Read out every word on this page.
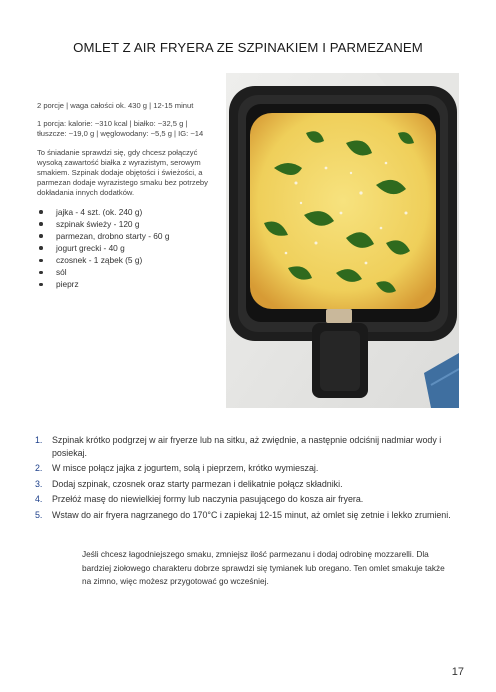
OMLET Z AIR FRYERA ZE SZPINAKIEM I PARMEZANEM

2 porcje | waga całości ok. 430 g | 12-15 minut

1 porcja: kalorie: ~310 kcal | białko: ~32,5 g | tłuszcze: ~19,0 g | węglowodany: ~5,5 g | IG: ~14

To śniadanie sprawdzi się, gdy chcesz połączyć wysoką zawartość białka z wyrazistym, serowym smakiem. Szpinak dodaje objętości i świeżości, a parmezan dodaje wyrazistego smaku bez potrzeby dokładania innych dodatków.

jajka - 4 szt. (ok. 240 g)
szpinak świeży - 120 g
parmezan, drobno starty - 60 g
jogurt grecki - 40 g
czosnek - 1 ząbek (5 g)
sól
pieprz
1. Szpinak krótko podgrzej w air fryerze lub na sitku, aż zwiędnie, a następnie odciśnij nadmiar wody i posiekaj.
2. W misce połącz jajka z jogurtem, solą i pieprzem, krótko wymieszaj.
3. Dodaj szpinak, czosnek oraz starty parmezan i delikatnie połącz składniki.
4. Przełóż masę do niewielkiej formy lub naczynia pasującego do kosza air fryera.
5. Wstaw do air fryera nagrzanego do 170°C i zapiekaj 12-15 minut, aż omlet się zetnie i lekko zrumieni.

Jeśli chcesz łagodniejszego smaku, zmniejsz ilość parmezanu i dodaj odrobinę mozzarelli. Dla bardziej ziołowego charakteru dobrze sprawdzi się tymianek lub oregano. Ten omlet smakuje także na zimno, więc możesz przygotować go wcześniej.

17
